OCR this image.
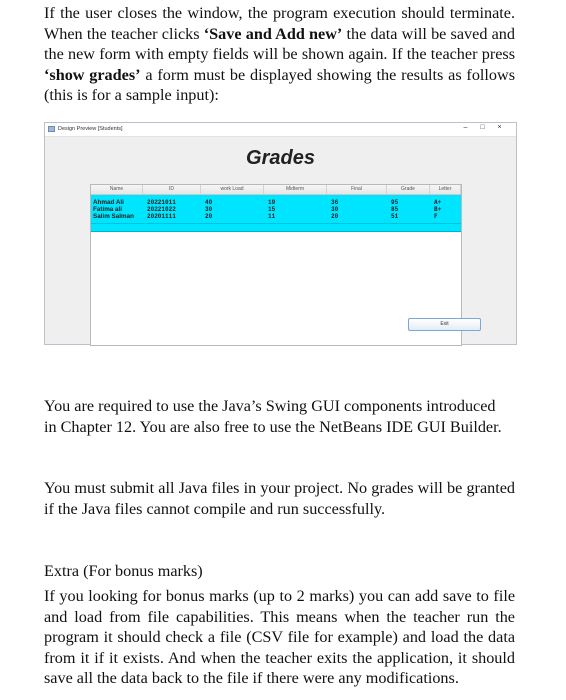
If the user closes the window, the program execution should terminate. When the teacher clicks ‘Save and Add new’ the data will be saved and the new form with empty fields will be shown again. If the teacher press ‘show grades’ a form must be displayed showing the results as follows (this is for a sample input):
Design Preview [Students]	– □ ×
Grades
Name	ID	work Load	Midterm	Final	Grade	Letter
Ahmad Ali	20221011	40	19	36	95	A+
Fatima ali	20221022	30	15	30	85	B+
Salim Salman	20201111	20	11	20	51	F
Exit
You are required to use the Java’s Swing GUI components introduced in Chapter 12. You are also free to use the NetBeans IDE GUI Builder.
You must submit all Java files in your project. No grades will be granted if the Java files cannot compile and run successfully.
Extra (For bonus marks)
If you looking for bonus marks (up to 2 marks) you can add save to file and load from file capabilities. This means when the teacher run the program it should check a file (CSV file for example) and load the data from it if it exists. And when the teacher exits the application, it should save all the data back to the file if there were any modifications.
